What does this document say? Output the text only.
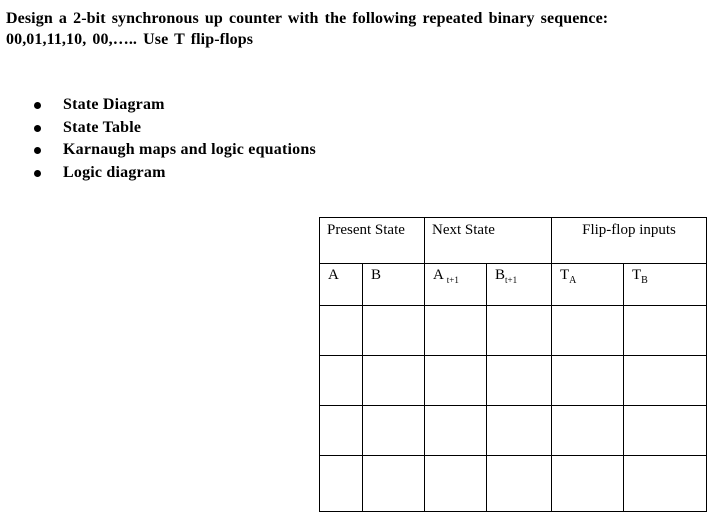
Design a 2-bit synchronous up counter with the following repeated binary sequence:
00,01,11,10, 00,….. Use T flip-flops

State Diagram
State Table
Karnaugh maps and logic equations
Logic diagram
Present State		Next State		Flip-flop inputs	
A	B	A $_{t+1}$	$B_{t+1}$	$T_A$	$T_B$
